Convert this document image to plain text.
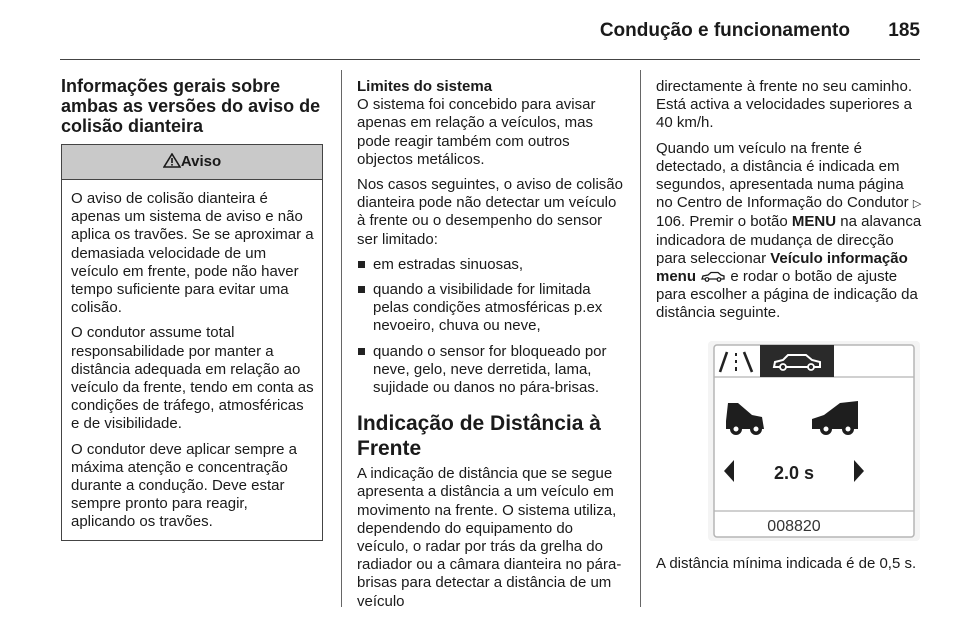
Condução e funcionamento 185
Informações gerais sobre ambas as versões do aviso de colisão dianteira
Aviso

O aviso de colisão dianteira é apenas um sistema de aviso e não aplica os travões. Se se aproximar a demasiada velocidade de um veículo em frente, pode não haver tempo suficiente para evitar uma colisão.

O condutor assume total responsabilidade por manter a distância adequada em relação ao veículo da frente, tendo em conta as condições de tráfego, atmosféricas e de visibilidade.

O condutor deve aplicar sempre a máxima atenção e concentração durante a condução. Deve estar sempre pronto para reagir, aplicando os travões.

Limites do sistema

O sistema foi concebido para avisar apenas em relação a veículos, mas pode reagir também com outros objectos metálicos.

Nos casos seguintes, o aviso de colisão dianteira pode não detectar um veículo à frente ou o desempenho do sensor ser limitado:

em estradas sinuosas,
quando a visibilidade for limitada pelas condições atmosféricas p.ex nevoeiro, chuva ou neve,
quando o sensor for bloqueado por neve, gelo, neve derretida, lama, sujidade ou danos no pára-brisas.
Indicação de Distância à Frente

A indicação de distância que se segue apresenta a distância a um veículo em movimento na frente. O sistema utiliza, dependendo do equipamento do veículo, o radar por trás da grelha do radiador ou a câmara dianteira no pára-brisas para detectar a distância de um veículo

directamente à frente no seu caminho. Está activa a velocidades superiores a 40 km/h.

Quando um veículo na frente é detectado, a distância é indicada em segundos, apresentada numa página no Centro de Informação do Condutor ▷ 106. Premir o botão MENU na alavanca indicadora de mudança de direcção para seleccionar Veículo informação menu e rodar o botão de ajuste para escolher a página de indicação da distância seguinte.

2.0 s
008820

A distância mínima indicada é de 0,5 s.
